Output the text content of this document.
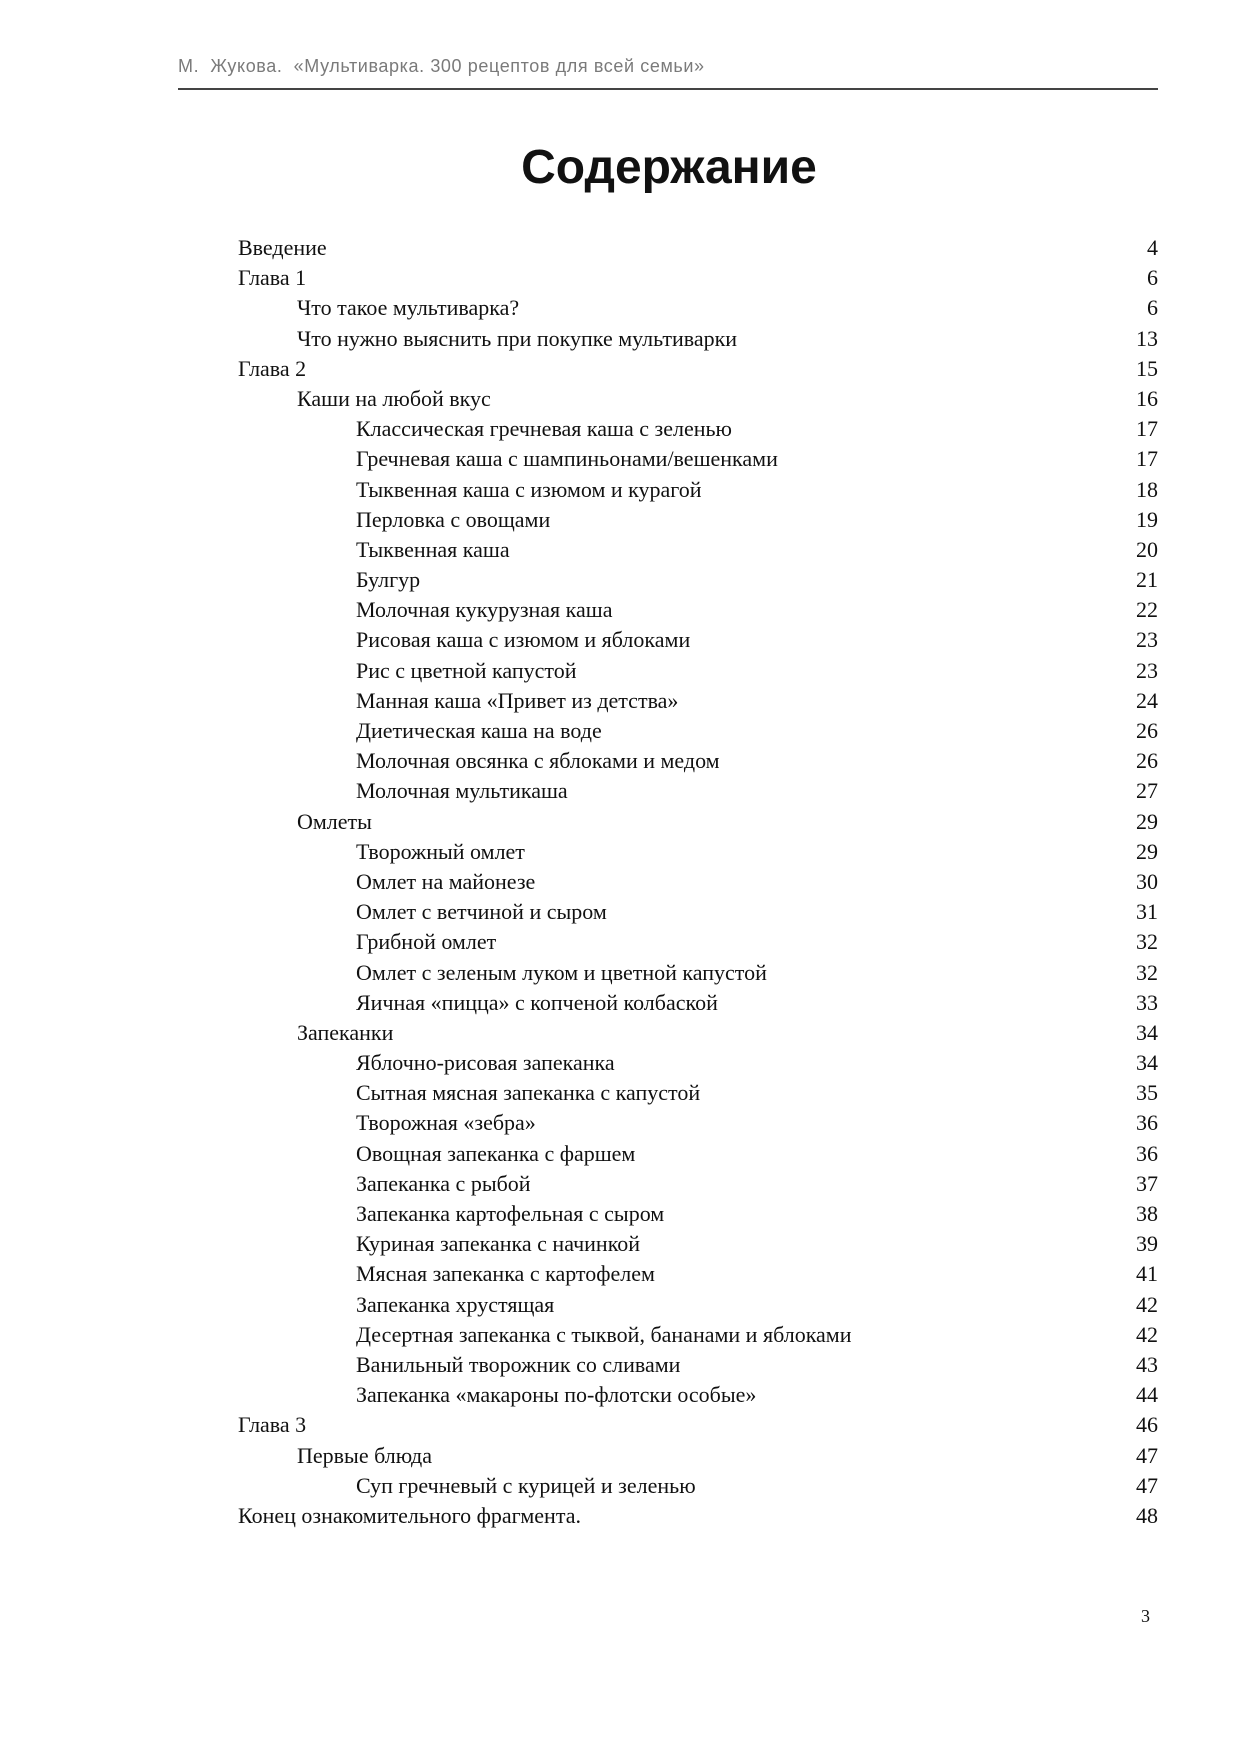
М.  Жукова.  «Мультиварка. 300 рецептов для всей семьи»
Содержание
Введение	4
Глава 1	6
Что такое мультиварка?	6
Что нужно выяснить при покупке мультиварки	13
Глава 2	15
Каши на любой вкус	16
Классическая гречневая каша с зеленью	17
Гречневая каша с шампиньонами/вешенками	17
Тыквенная каша с изюмом и курагой	18
Перловка с овощами	19
Тыквенная каша	20
Булгур	21
Молочная кукурузная каша	22
Рисовая каша с изюмом и яблоками	23
Рис с цветной капустой	23
Манная каша «Привет из детства»	24
Диетическая каша на воде	26
Молочная овсянка с яблоками и медом	26
Молочная мультикаша	27
Омлеты	29
Творожный омлет	29
Омлет на майонезе	30
Омлет с ветчиной и сыром	31
Грибной омлет	32
Омлет с зеленым луком и цветной капустой	32
Яичная «пицца» с копченой колбаской	33
Запеканки	34
Яблочно-рисовая запеканка	34
Сытная мясная запеканка с капустой	35
Творожная «зебра»	36
Овощная запеканка с фаршем	36
Запеканка с рыбой	37
Запеканка картофельная с сыром	38
Куриная запеканка с начинкой	39
Мясная запеканка с картофелем	41
Запеканка хрустящая	42
Десертная запеканка с тыквой, бананами и яблоками	42
Ванильный творожник со сливами	43
Запеканка «макароны по-флотски особые»	44
Глава 3	46
Первые блюда	47
Суп гречневый с курицей и зеленью	47
Конец ознакомительного фрагмента.	48
3
